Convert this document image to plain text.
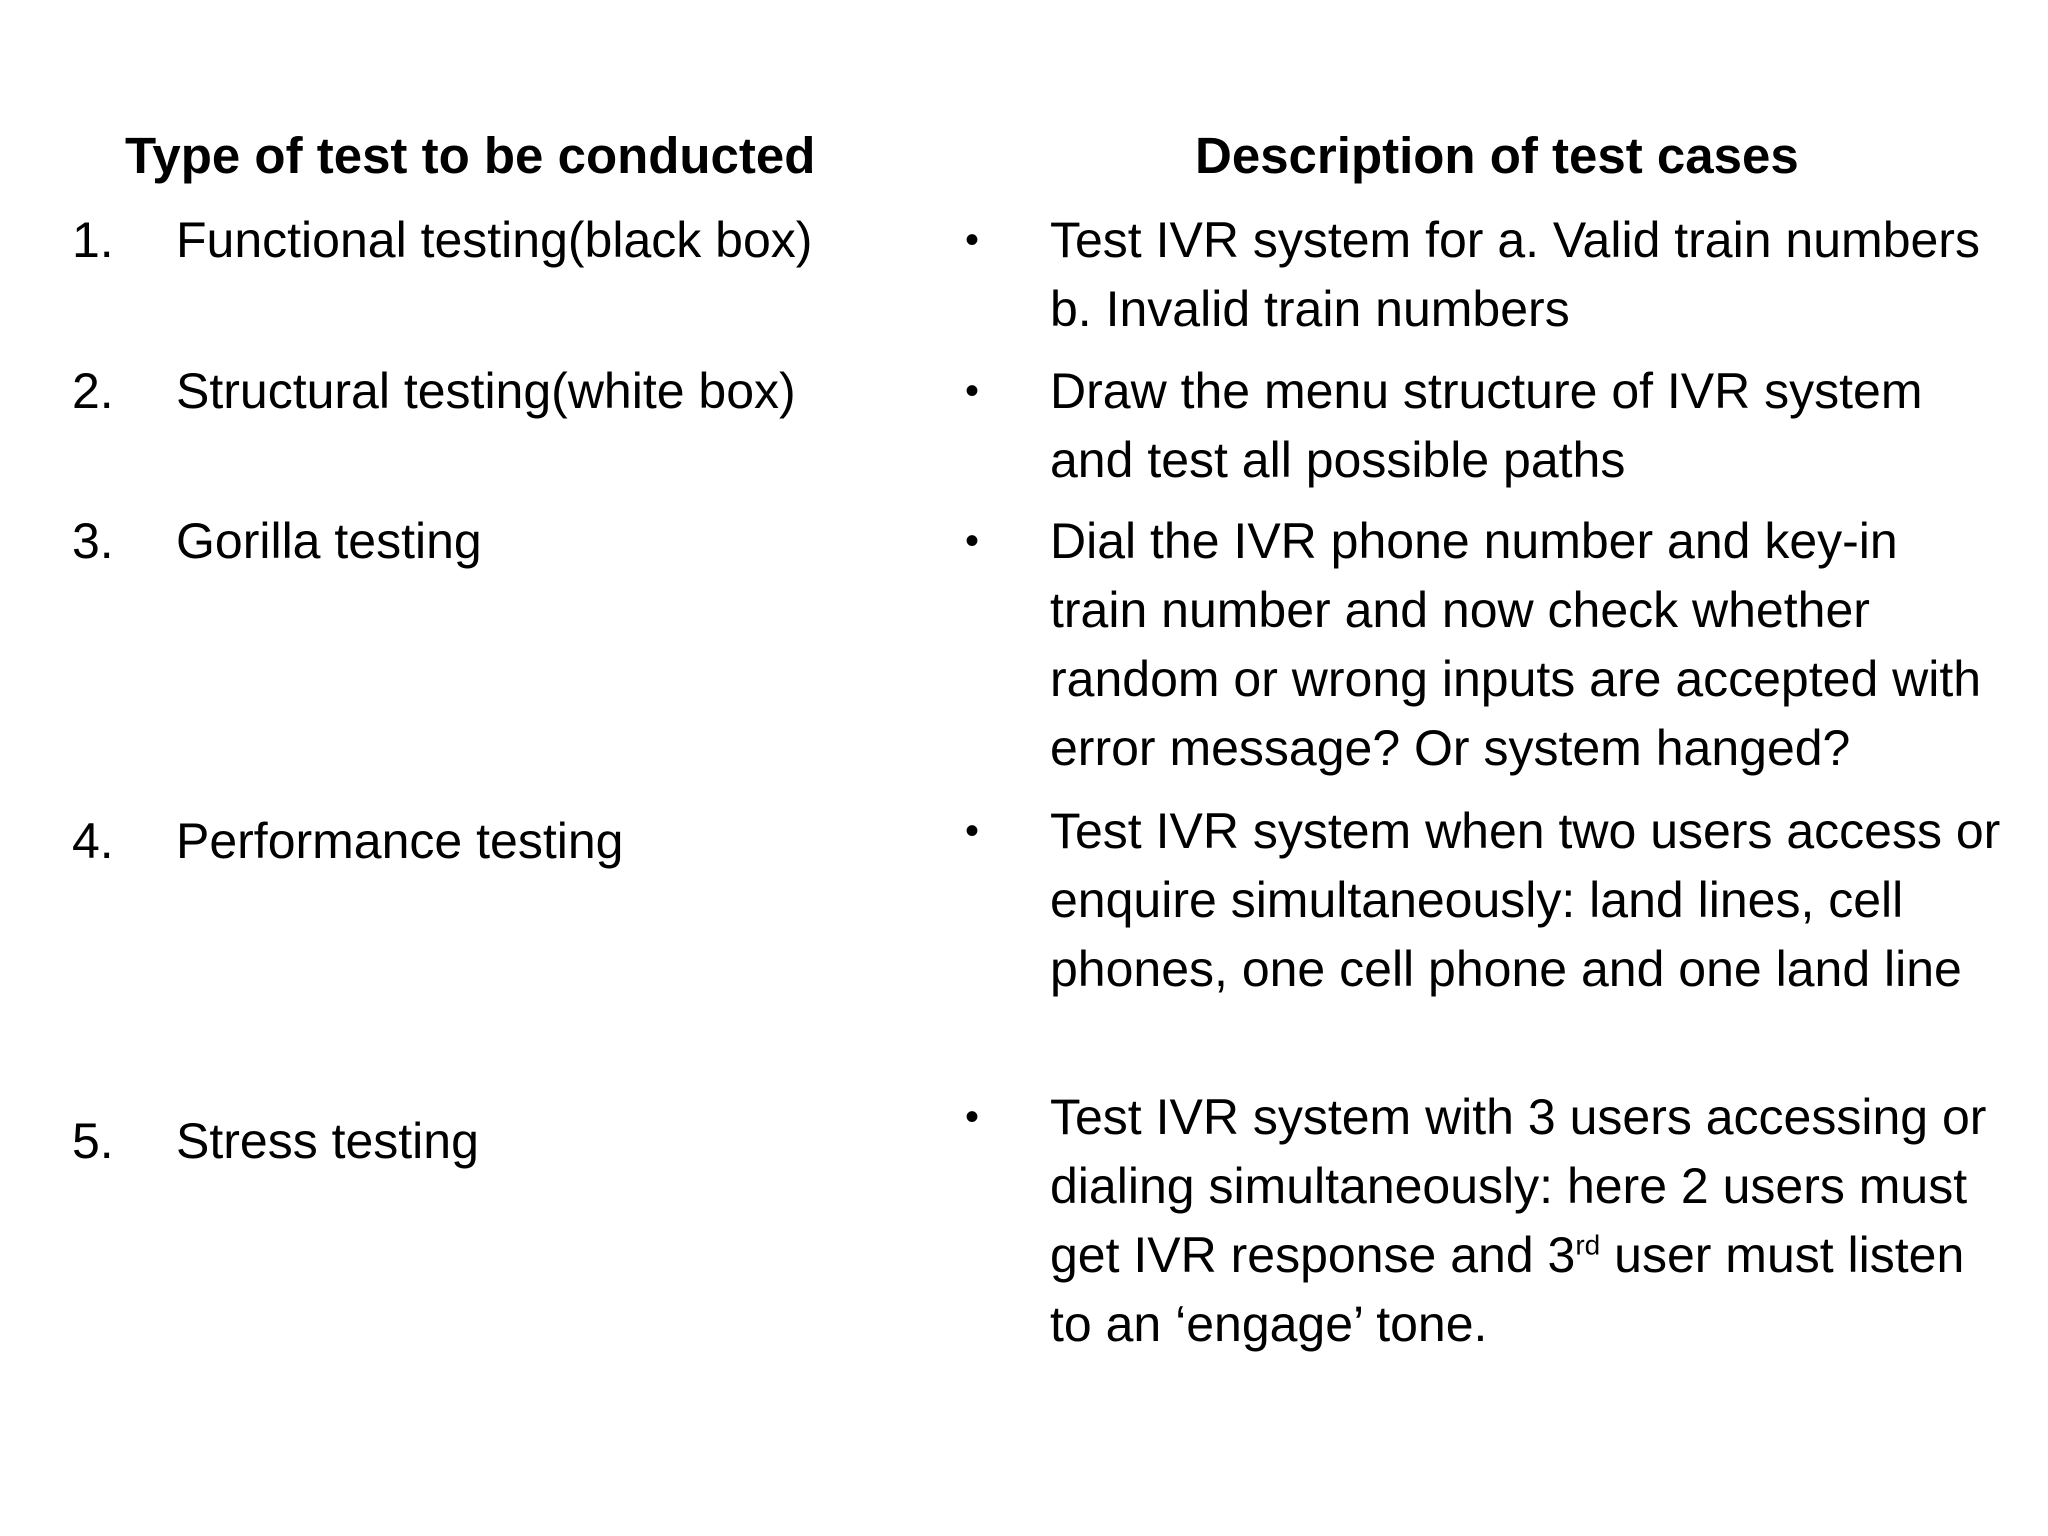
Type of test to be conducted	Description of test cases
1. Functional testing(black box)
2. Structural testing(white box)
3. Gorilla testing
4. Performance testing
5. Stress testing
• Test IVR system for a. Valid train numbers b. Invalid train numbers
• Draw the menu structure of IVR system and test all possible paths
• Dial the IVR phone number and key-in train number and now check whether random or wrong inputs are accepted with error message? Or system hanged?
• Test IVR system when two users access or enquire simultaneously: land lines, cell phones, one cell phone and one land line
• Test IVR system with 3 users accessing or dialing simultaneously: here 2 users must get IVR response and 3rd user must listen to an ‘engage’ tone.
